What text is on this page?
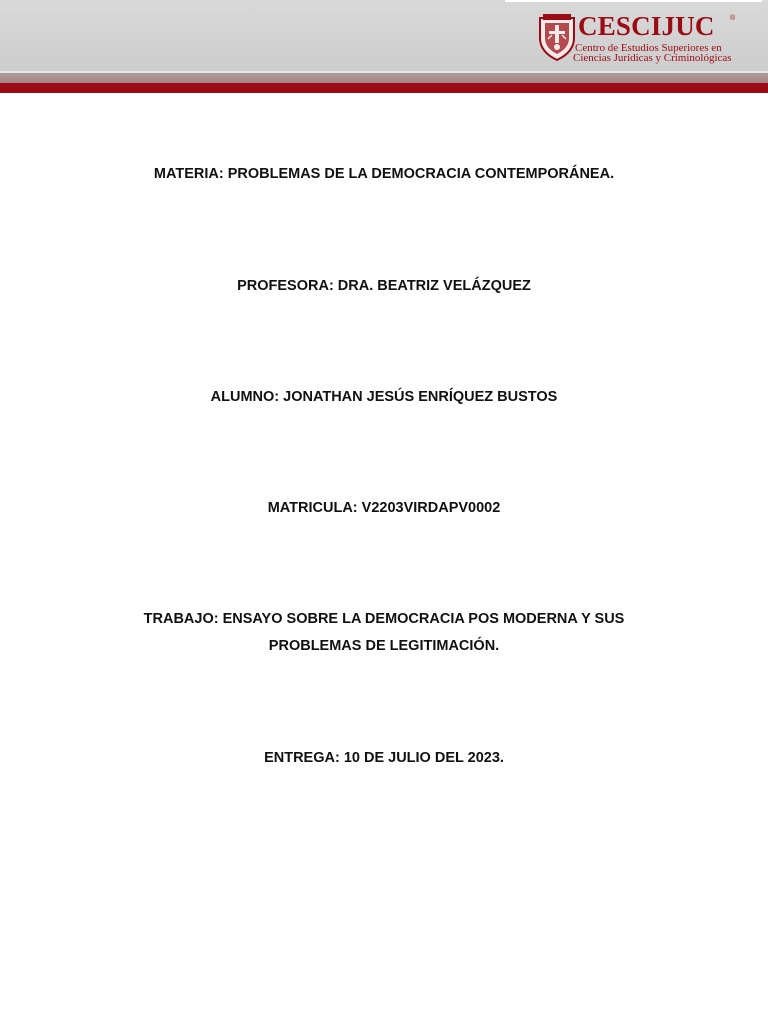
CESCIJUC ®
Centro de Estudios Superiores en
Ciencias Jurídicas y Criminológicas
MATERIA: PROBLEMAS DE LA DEMOCRACIA CONTEMPORÁNEA.
PROFESORA: DRA. BEATRIZ VELÁZQUEZ
ALUMNO: JONATHAN JESÚS ENRÍQUEZ BUSTOS
MATRICULA: V2203VIRDAPV0002
TRABAJO: ENSAYO SOBRE LA DEMOCRACIA POS MODERNA Y SUS
PROBLEMAS DE LEGITIMACIÓN.
ENTREGA: 10 DE JULIO DEL 2023.
